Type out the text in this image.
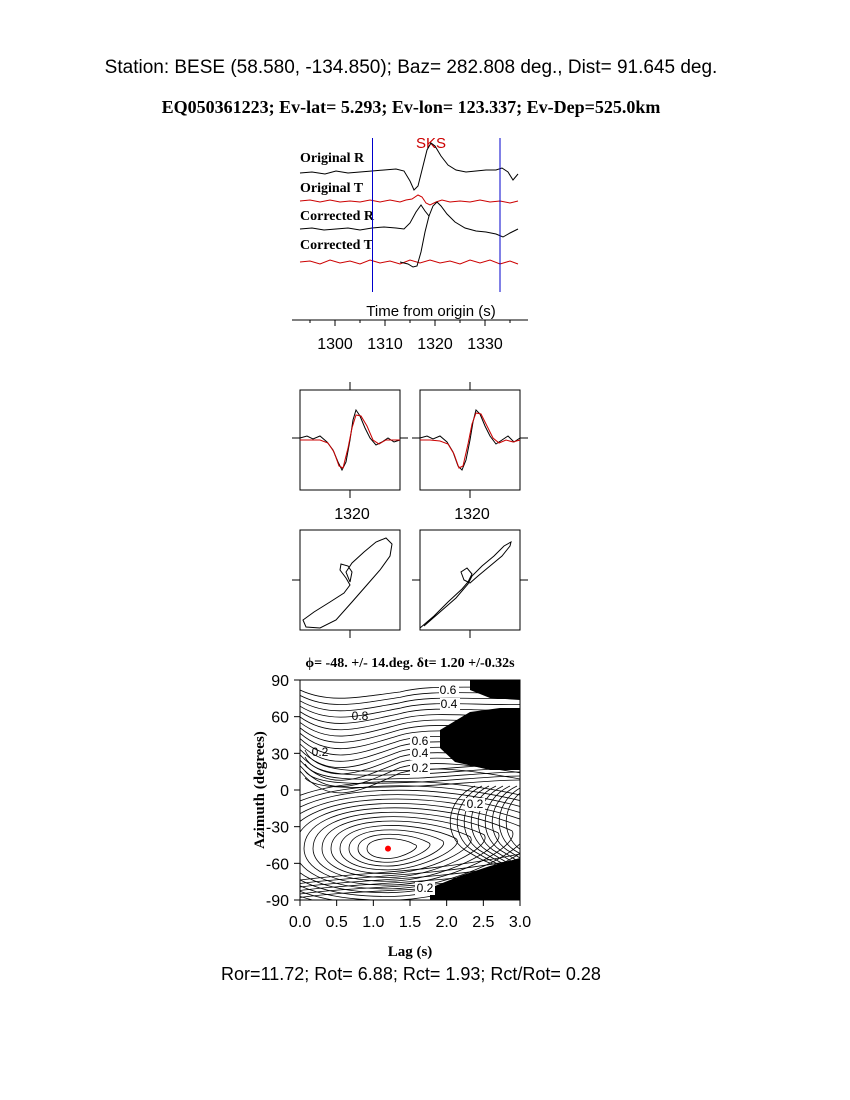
Station: BESE (58.580, -134.850); Baz= 282.808 deg., Dist= 91.645 deg.
EQ050361223; Ev-lat= 5.293; Ev-lon= 123.337; Ev-Dep=525.0km
SKS
Original R
Original T
Corrected R
Corrected T
Time from origin (s)
1300 1310 1320 1330
1320	1320
ϕ= -48. +/- 14.deg. δt= 1.20 +/-0.32s
0.6
0.4
0.8
0.6
0.4
0.2
0.2
0.2
0.2
0.0 0.5 1.0 1.5 2.0 2.5 3.0
90
60
30
0
-30
-60
-90
Lag (s)
Azimuth (degrees)
Ror=11.72; Rot= 6.88; Rct= 1.93; Rct/Rot= 0.28
